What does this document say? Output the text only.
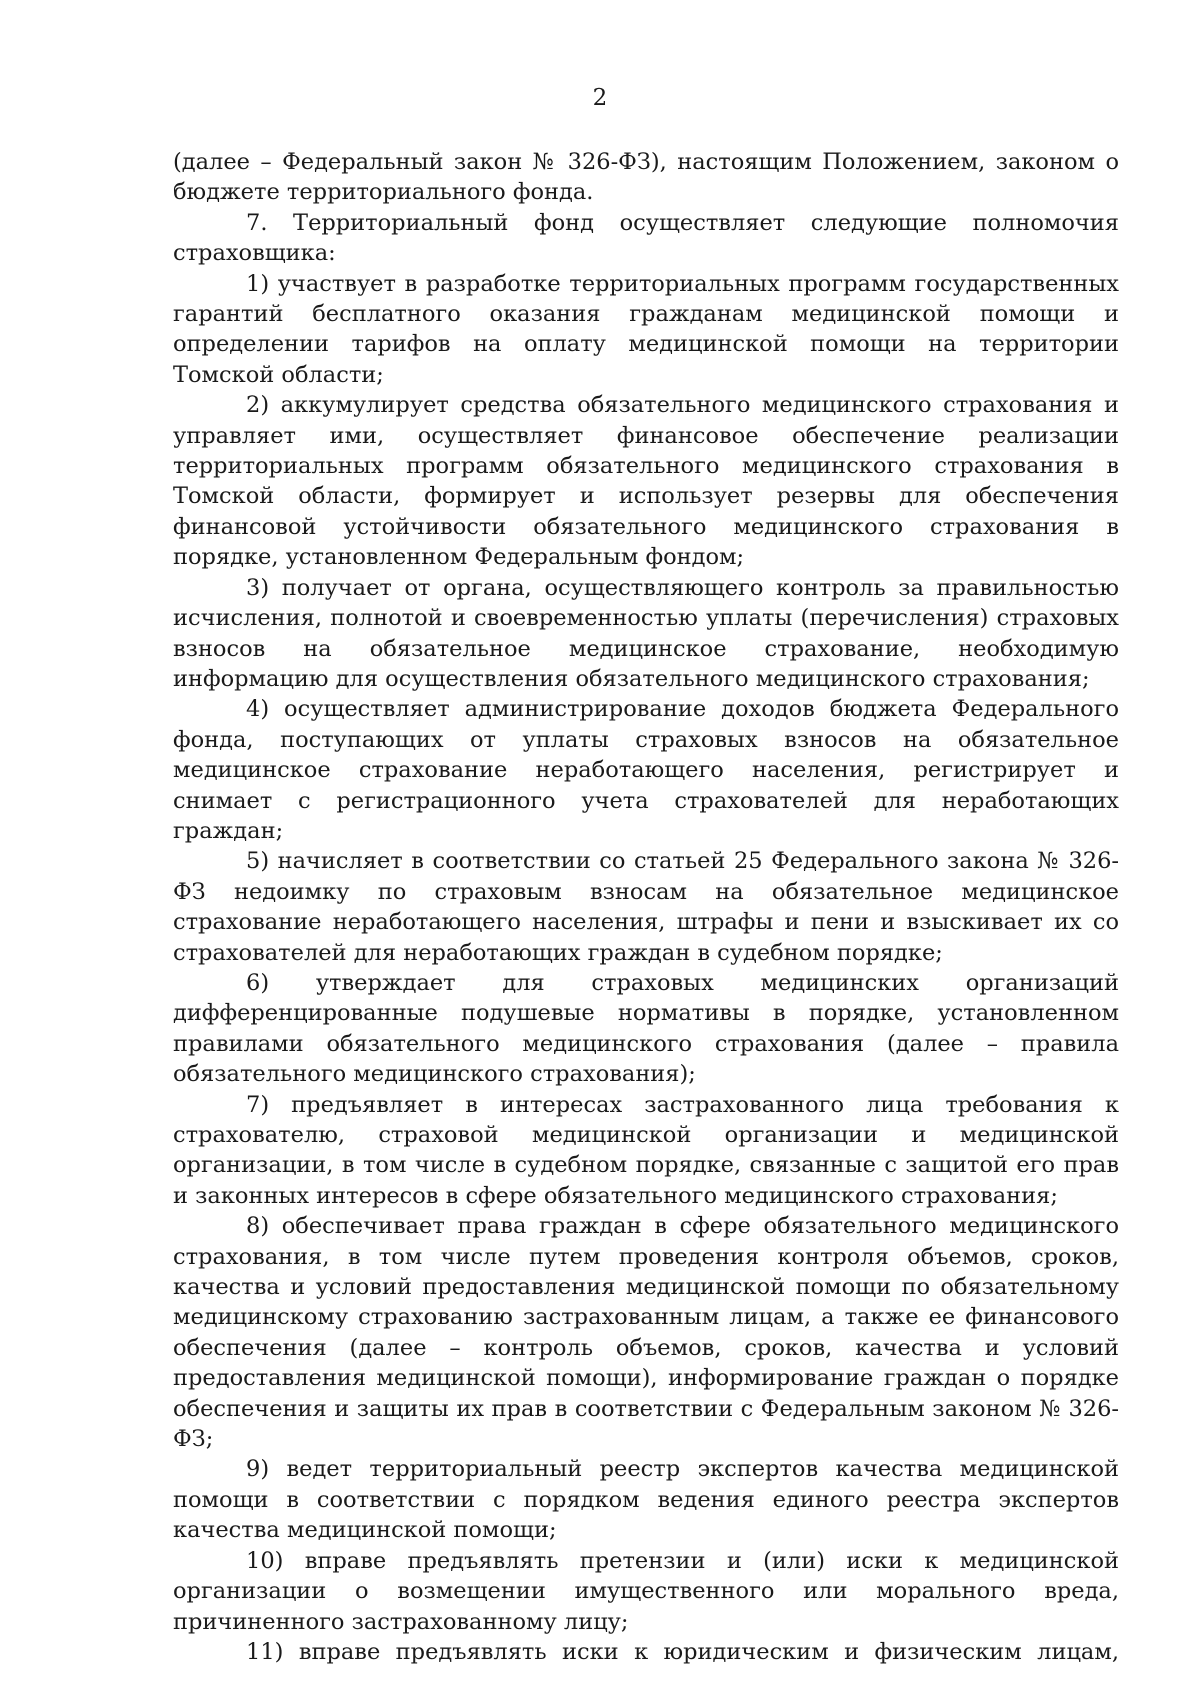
2

(далее – Федеральный закон № 326-ФЗ), настоящим Положением, законом о бюджете территориального фонда.

7. Территориальный фонд осуществляет следующие полномочия страховщика:

1) участвует в разработке территориальных программ государственных гарантий бесплатного оказания гражданам медицинской помощи и определении тарифов на оплату медицинской помощи на территории Томской области;

2) аккумулирует средства обязательного медицинского страхования и управляет ими, осуществляет финансовое обеспечение реализации территориальных программ обязательного медицинского страхования в Томской области, формирует и использует резервы для обеспечения финансовой устойчивости обязательного медицинского страхования в порядке, установленном Федеральным фондом;

3) получает от органа, осуществляющего контроль за правильностью исчисления, полнотой и своевременностью уплаты (перечисления) страховых взносов на обязательное медицинское страхование, необходимую информацию для осуществления обязательного медицинского страхования;

4) осуществляет администрирование доходов бюджета Федерального фонда, поступающих от уплаты страховых взносов на обязательное медицинское страхование неработающего населения, регистрирует и снимает с регистрационного учета страхователей для неработающих граждан;

5) начисляет в соответствии со статьей 25 Федерального закона № 326-ФЗ недоимку по страховым взносам на обязательное медицинское страхование неработающего населения, штрафы и пени и взыскивает их со страхователей для неработающих граждан в судебном порядке;

6) утверждает для страховых медицинских организаций дифференцированные подушевые нормативы в порядке, установленном правилами обязательного медицинского страхования (далее – правила обязательного медицинского страхования);

7) предъявляет в интересах застрахованного лица требования к страхователю, страховой медицинской организации и медицинской организации, в том числе в судебном порядке, связанные с защитой его прав и законных интересов в сфере обязательного медицинского страхования;

8) обеспечивает права граждан в сфере обязательного медицинского страхования, в том числе путем проведения контроля объемов, сроков, качества и условий предоставления медицинской помощи по обязательному медицинскому страхованию застрахованным лицам, а также ее финансового обеспечения (далее – контроль объемов, сроков, качества и условий предоставления медицинской помощи), информирование граждан о порядке обеспечения и защиты их прав в соответствии с Федеральным законом № 326-ФЗ;

9) ведет территориальный реестр экспертов качества медицинской помощи в соответствии с порядком ведения единого реестра экспертов качества медицинской помощи;

10) вправе предъявлять претензии и (или) иски к медицинской организации о возмещении имущественного или морального вреда, причиненного застрахованному лицу;

11) вправе предъявлять иски к юридическим и физическим лицам,
